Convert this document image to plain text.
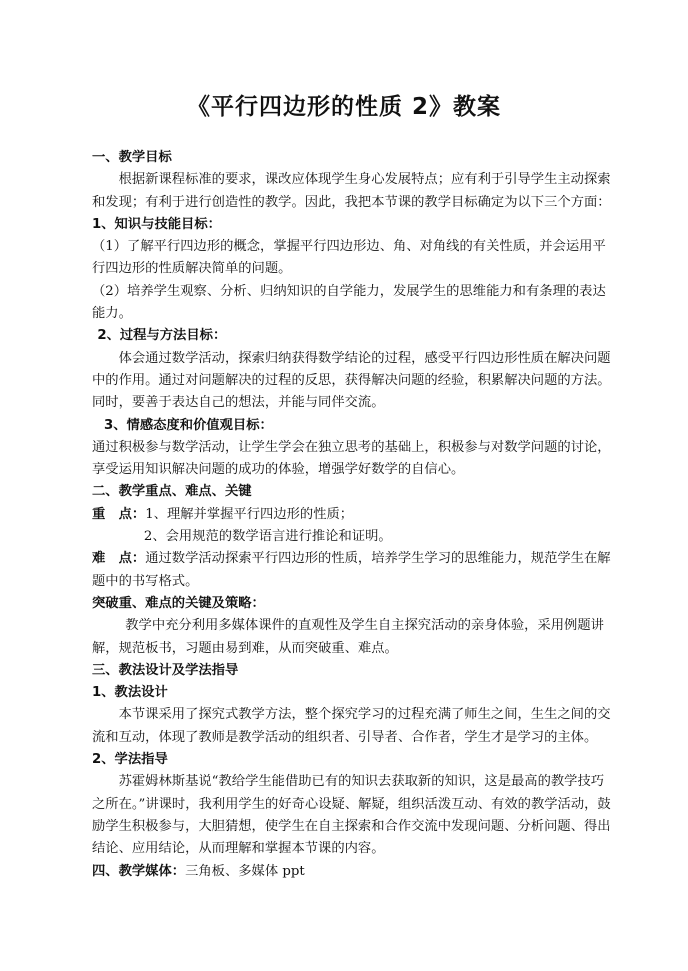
《平行四边形的性质 2》教案

一、教学目标

根据新课程标准的要求，课改应体现学生身心发展特点；应有利于引导学生主动探索和发现；有利于进行创造性的教学。因此，我把本节课的教学目标确定为以下三个方面：

1、知识与技能目标：

（1）了解平行四边形的概念，掌握平行四边形边、角、对角线的有关性质，并会运用平行四边形的性质解决简单的问题。

（2）培养学生观察、分析、归纳知识的自学能力，发展学生的思维能力和有条理的表达能力。

2、过程与方法目标：

体会通过数学活动，探索归纳获得数学结论的过程，感受平行四边形性质在解决问题中的作用。通过对问题解决的过程的反思，获得解决问题的经验，积累解决问题的方法。同时，要善于表达自己的想法，并能与同伴交流。

3、情感态度和价值观目标：

通过积极参与数学活动，让学生学会在独立思考的基础上，积极参与对数学问题的讨论，享受运用知识解决问题的成功的体验，增强学好数学的自信心。

二、教学重点、难点、关键

重　点：1、理解并掌握平行四边形的性质；

2、会用规范的数学语言进行推论和证明。

难　点：通过数学活动探索平行四边形的性质，培养学生学习的思维能力，规范学生在解题中的书写格式。

突破重、难点的关键及策略：

教学中充分利用多媒体课件的直观性及学生自主探究活动的亲身体验，采用例题讲解，规范板书，习题由易到难，从而突破重、难点。

三、教法设计及学法指导

1、教法设计

本节课采用了探究式教学方法，整个探究学习的过程充满了师生之间，生生之间的交流和互动，体现了教师是教学活动的组织者、引导者、合作者，学生才是学习的主体。

2、学法指导

苏霍姆林斯基说“教给学生能借助已有的知识去获取新的知识，这是最高的教学技巧之所在。”讲课时，我利用学生的好奇心设疑、解疑，组织活泼互动、有效的教学活动，鼓励学生积极参与，大胆猜想，使学生在自主探索和合作交流中发现问题、分析问题、得出结论、应用结论，从而理解和掌握本节课的内容。

四、教学媒体：三角板、多媒体 ppt
